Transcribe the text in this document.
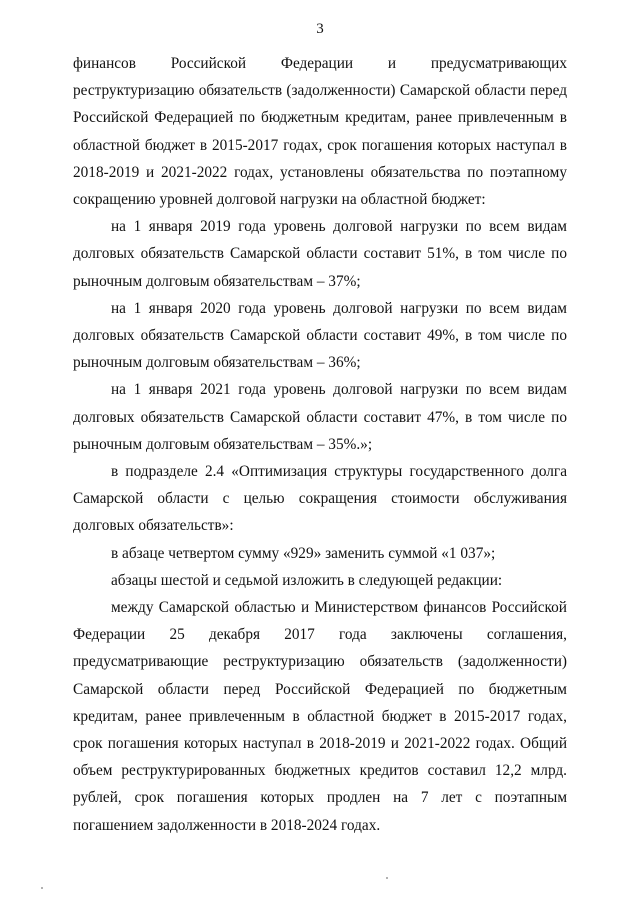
3

финансов Российской Федерации и предусматривающих реструктуризацию обязательств (задолженности) Самарской области перед Российской Федерацией по бюджетным кредитам, ранее привлеченным в областной бюджет в 2015-2017 годах, срок погашения которых наступал в 2018-2019 и 2021-2022 годах, установлены обязательства по поэтапному сокращению уровней долговой нагрузки на областной бюджет:

на 1 января 2019 года уровень долговой нагрузки по всем видам долговых обязательств Самарской области составит 51%, в том числе по рыночным долговым обязательствам – 37%;

на 1 января 2020 года уровень долговой нагрузки по всем видам долговых обязательств Самарской области составит 49%, в том числе по рыночным долговым обязательствам – 36%;

на 1 января 2021 года уровень долговой нагрузки по всем видам долговых обязательств Самарской области составит 47%, в том числе по рыночным долговым обязательствам – 35%.»;

в подразделе 2.4 «Оптимизация структуры государственного долга Самарской области с целью сокращения стоимости обслуживания долговых обязательств»:

в абзаце четвертом сумму «929» заменить суммой «1 037»;

абзацы шестой и седьмой изложить в следующей редакции:

между Самарской областью и Министерством финансов Российской Федерации 25 декабря 2017 года заключены соглашения, предусматривающие реструктуризацию обязательств (задолженности) Самарской области перед Российской Федерацией по бюджетным кредитам, ранее привлеченным в областной бюджет в 2015-2017 годах, срок погашения которых наступал в 2018-2019 и 2021-2022 годах. Общий объем реструктурированных бюджетных кредитов составил 12,2 млрд. рублей, срок погашения которых продлен на 7 лет с поэтапным погашением задолженности в 2018-2024 годах.
